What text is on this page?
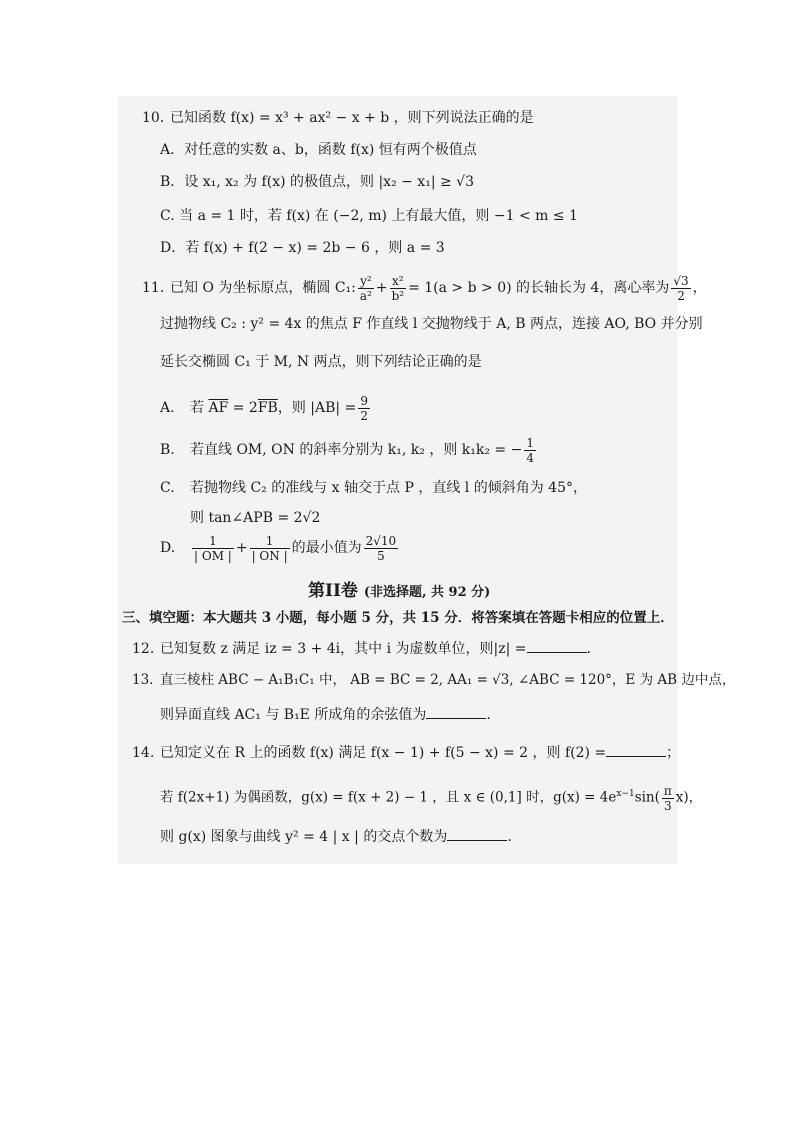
10．已知函数 f(x) = x³ + ax² − x + b ，则下列说法正确的是
A．对任意的实数 a、b，函数 f(x) 恒有两个极值点
B．设 x₁, x₂ 为 f(x) 的极值点，则 |x₂ − x₁| ≥ √3
C. 当 a = 1 时，若 f(x) 在 (−2, m) 上有最大值，则 −1 < m ≤ 1
D．若 f(x) + f(2 − x) = 2b − 6 ，则 a = 3
11. 已知 O 为坐标原点，椭圆 C₁: $\frac{\text{y²}}{\text{a²}} + \frac{\text{x²}}{\text{b²}} = 1(a > b > 0)$ 的长轴长为 4，离心率为 $\frac{√3}{2}$ ，
过抛物线 C₂ : y² = 4x 的焦点 F 作直线 l 交抛物线于 A, B 两点，连接 AO, BO 并分别
延长交椭圆 C₁ 于 M, N 两点，则下列结论正确的是
A. 若 $\overline{AF} = 2\overline{FB}$，则 $|AB| = \frac{9}{2}$
B. 若直线 OM, ON 的斜率分别为 k₁, k₂ ，则 k₁k₂ = − $\frac{1}{4}$
C. 若抛物线 C₂ 的准线与 x 轴交于点 P ，直线 l 的倾斜角为 45°，
则 tan∠APB = 2√2
D. $\frac{1}{| OM |} + \frac{1}{| ON |}$ 的最小值为 $\frac{2√10}{5}$
第II卷 (非选择题, 共 92 分)
三、填空题：本大题共 3 小题，每小题 5 分，共 15 分．将答案填在答题卡相应的位置上．
12. 已知复数 z 满足 iz = 3 + 4i，其中 i 为虚数单位，则|z| =	.
13. 直三棱柱 ABC − A₁B₁C₁ 中， AB = BC = 2, AA₁ = √3, ∠ABC = 120°，E 为 AB 边中点，
则异面直线 AC₁ 与 B₁E 所成角的余弦值为	.
14. 已知定义在 R 上的函数 f(x) 满足 f(x − 1) + f(5 − x) = 2 ，则 f(2) =	；
若 f(2x+1) 为偶函数，g(x) = f(x + 2) − 1 ，且 x ∈ (0,1] 时，$g(x) = 4e^{x-1}\sin( \frac{\pi}{3} x)$，
则 g(x) 图象与曲线 y² = 4 | x | 的交点个数为	.
